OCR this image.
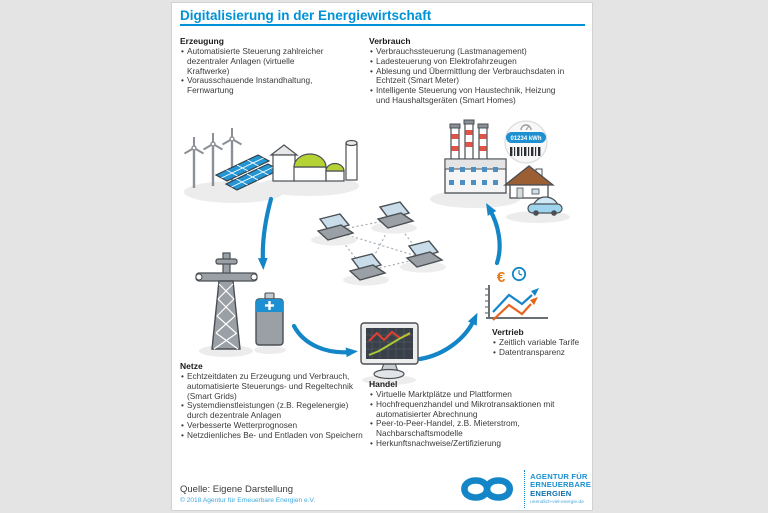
Digitalisierung in der Energiewirtschaft
01234 kWh
€
Erzeugung
• Automatisierte Steuerung zahlreicher dezentraler Anlagen (virtuelle Kraftwerke)
• Vorausschauende Instandhaltung, Fernwartung
Verbrauch
• Verbrauchssteuerung (Lastmanagement)
• Ladesteuerung von Elektrofahrzeugen
• Ablesung und Übermittlung der Verbrauchsdaten in Echtzeit (Smart Meter)
• Intelligente Steuerung von Haustechnik, Heizung und Haushaltsgeräten (Smart Homes)
Netze
• Echtzeitdaten zu Erzeugung und Verbrauch, automatisierte Steuerungs- und Regeltechnik (Smart Grids)
• Systemdienstleistungen (z.B. Regelenergie) durch dezentrale Anlagen
• Verbesserte Wetterprognosen
• Netzdienliches Be- und Entladen von Speichern
Handel
• Virtuelle Marktplätze und Plattformen
• Hochfrequenzhandel und Mikrotransaktionen mit automatisierter Abrechnung
• Peer-to-Peer-Handel, z.B. Mieterstrom, Nachbarschaftsmodelle
• Herkunftsnachweise/Zertifizierung
Vertrieb
• Zeitlich variable Tarife
• Datentransparenz
Quelle: Eigene Darstellung
© 2018 Agentur für Erneuerbare Energien e.V.
AGENTUR FÜR
ERNEUERBARE
ENERGIEN
unendlich-viel-energie.de
